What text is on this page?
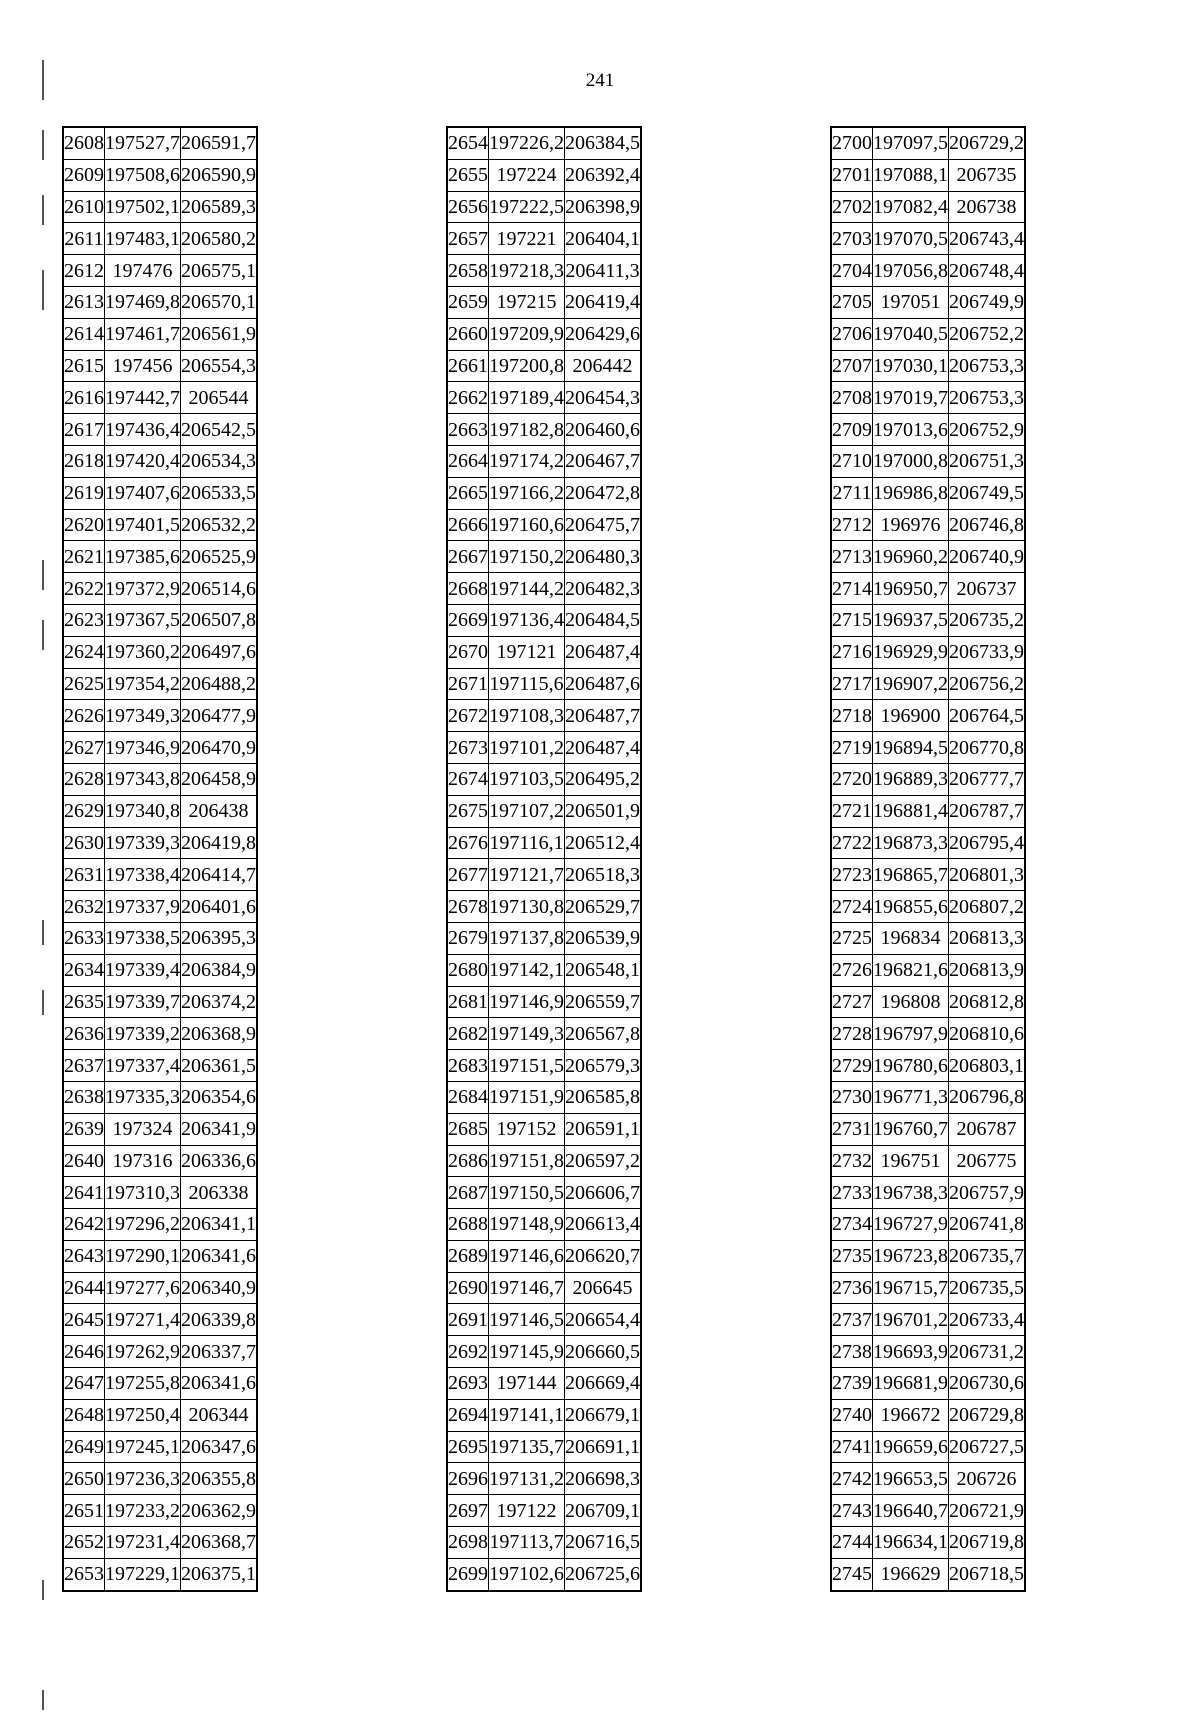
241
2608	197527,7	206591,7
2609	197508,6	206590,9
2610	197502,1	206589,3
2611	197483,1	206580,2
2612	197476	206575,1
2613	197469,8	206570,1
2614	197461,7	206561,9
2615	197456	206554,3
2616	197442,7	206544
2617	197436,4	206542,5
2618	197420,4	206534,3
2619	197407,6	206533,5
2620	197401,5	206532,2
2621	197385,6	206525,9
2622	197372,9	206514,6
2623	197367,5	206507,8
2624	197360,2	206497,6
2625	197354,2	206488,2
2626	197349,3	206477,9
2627	197346,9	206470,9
2628	197343,8	206458,9
2629	197340,8	206438
2630	197339,3	206419,8
2631	197338,4	206414,7
2632	197337,9	206401,6
2633	197338,5	206395,3
2634	197339,4	206384,9
2635	197339,7	206374,2
2636	197339,2	206368,9
2637	197337,4	206361,5
2638	197335,3	206354,6
2639	197324	206341,9
2640	197316	206336,6
2641	197310,3	206338
2642	197296,2	206341,1
2643	197290,1	206341,6
2644	197277,6	206340,9
2645	197271,4	206339,8
2646	197262,9	206337,7
2647	197255,8	206341,6
2648	197250,4	206344
2649	197245,1	206347,6
2650	197236,3	206355,8
2651	197233,2	206362,9
2652	197231,4	206368,7
2653	197229,1	206375,1
2654	197226,2	206384,5
2655	197224	206392,4
2656	197222,5	206398,9
2657	197221	206404,1
2658	197218,3	206411,3
2659	197215	206419,4
2660	197209,9	206429,6
2661	197200,8	206442
2662	197189,4	206454,3
2663	197182,8	206460,6
2664	197174,2	206467,7
2665	197166,2	206472,8
2666	197160,6	206475,7
2667	197150,2	206480,3
2668	197144,2	206482,3
2669	197136,4	206484,5
2670	197121	206487,4
2671	197115,6	206487,6
2672	197108,3	206487,7
2673	197101,2	206487,4
2674	197103,5	206495,2
2675	197107,2	206501,9
2676	197116,1	206512,4
2677	197121,7	206518,3
2678	197130,8	206529,7
2679	197137,8	206539,9
2680	197142,1	206548,1
2681	197146,9	206559,7
2682	197149,3	206567,8
2683	197151,5	206579,3
2684	197151,9	206585,8
2685	197152	206591,1
2686	197151,8	206597,2
2687	197150,5	206606,7
2688	197148,9	206613,4
2689	197146,6	206620,7
2690	197146,7	206645
2691	197146,5	206654,4
2692	197145,9	206660,5
2693	197144	206669,4
2694	197141,1	206679,1
2695	197135,7	206691,1
2696	197131,2	206698,3
2697	197122	206709,1
2698	197113,7	206716,5
2699	197102,6	206725,6
2700	197097,5	206729,2
2701	197088,1	206735
2702	197082,4	206738
2703	197070,5	206743,4
2704	197056,8	206748,4
2705	197051	206749,9
2706	197040,5	206752,2
2707	197030,1	206753,3
2708	197019,7	206753,3
2709	197013,6	206752,9
2710	197000,8	206751,3
2711	196986,8	206749,5
2712	196976	206746,8
2713	196960,2	206740,9
2714	196950,7	206737
2715	196937,5	206735,2
2716	196929,9	206733,9
2717	196907,2	206756,2
2718	196900	206764,5
2719	196894,5	206770,8
2720	196889,3	206777,7
2721	196881,4	206787,7
2722	196873,3	206795,4
2723	196865,7	206801,3
2724	196855,6	206807,2
2725	196834	206813,3
2726	196821,6	206813,9
2727	196808	206812,8
2728	196797,9	206810,6
2729	196780,6	206803,1
2730	196771,3	206796,8
2731	196760,7	206787
2732	196751	206775
2733	196738,3	206757,9
2734	196727,9	206741,8
2735	196723,8	206735,7
2736	196715,7	206735,5
2737	196701,2	206733,4
2738	196693,9	206731,2
2739	196681,9	206730,6
2740	196672	206729,8
2741	196659,6	206727,5
2742	196653,5	206726
2743	196640,7	206721,9
2744	196634,1	206719,8
2745	196629	206718,5
